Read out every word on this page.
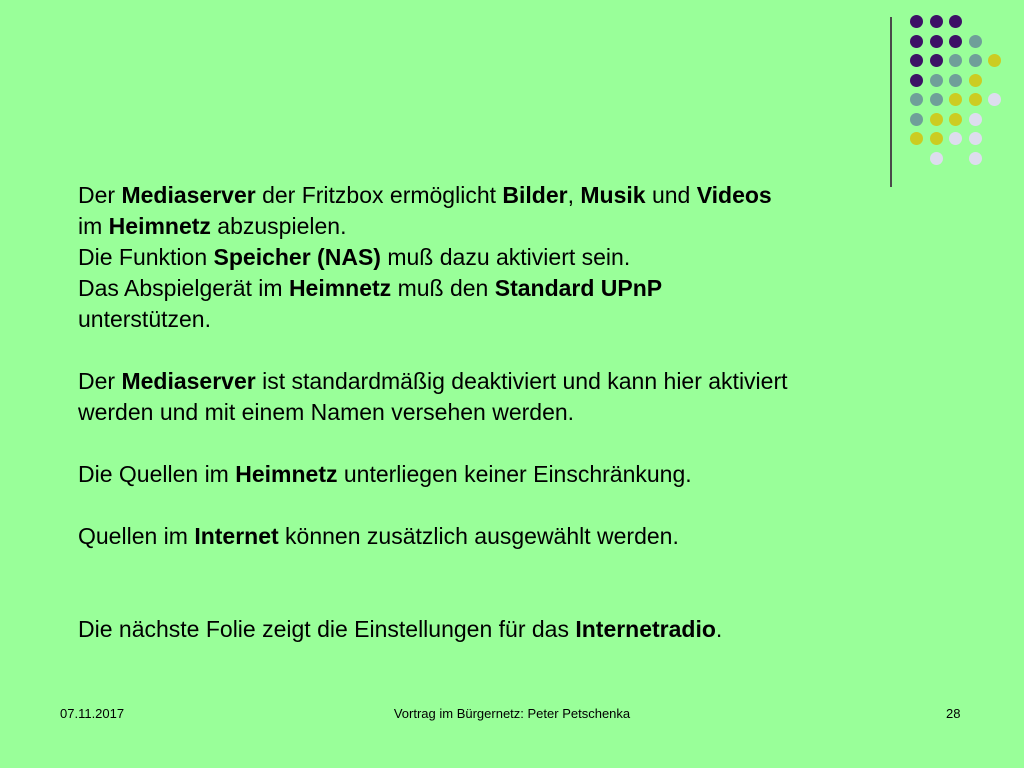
Der Mediaserver der Fritzbox ermöglicht Bilder, Musik und Videos

im Heimnetz abzuspielen.

Die Funktion Speicher (NAS) muß dazu aktiviert sein.

Das Abspielgerät im Heimnetz muß den Standard UPnP

unterstützen.

Der Mediaserver ist standardmäßig deaktiviert und kann hier aktiviert

werden und mit einem Namen versehen werden.

Die Quellen im Heimnetz unterliegen keiner Einschränkung.

Quellen im Internet können zusätzlich ausgewählt werden.

Die nächste Folie zeigt die Einstellungen für das Internetradio.

07.11.2017	Vortrag im Bürgernetz: Peter Petschenka	28
